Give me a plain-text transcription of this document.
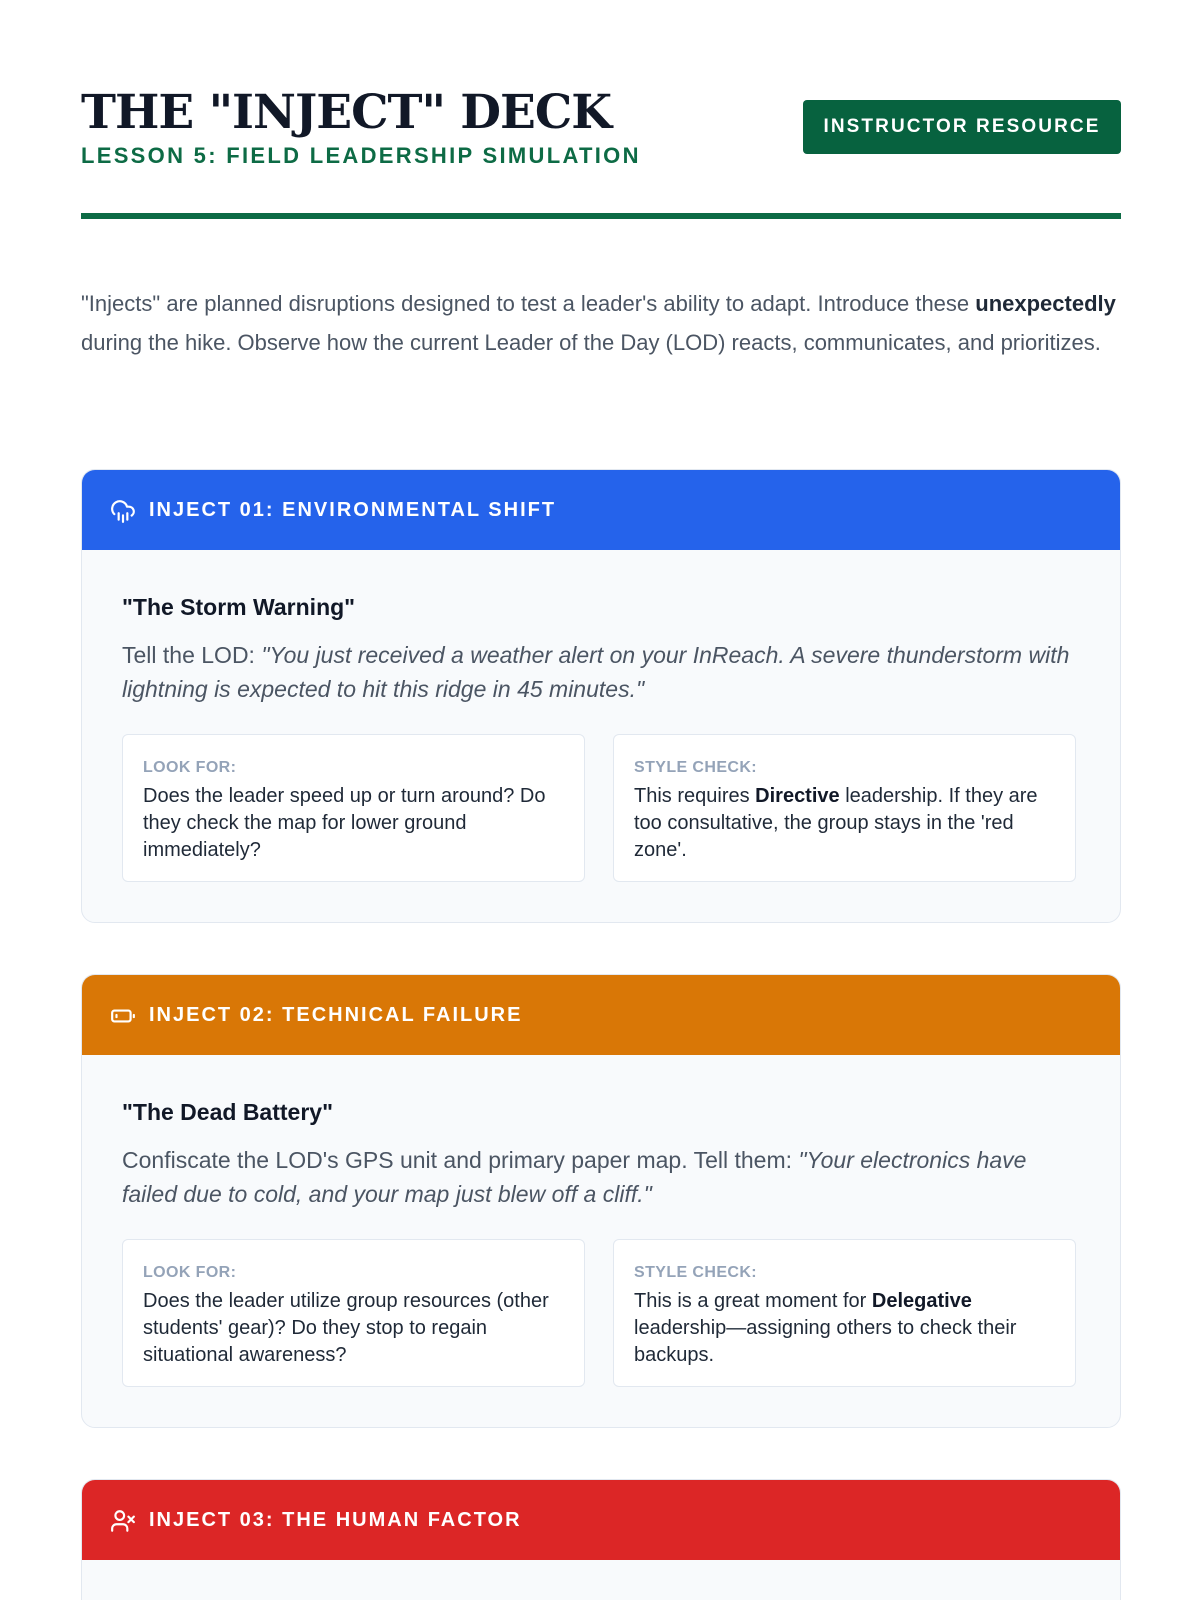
THE "INJECT" DECK
LESSON 5: FIELD LEADERSHIP SIMULATION
INSTRUCTOR RESOURCE

"Injects" are planned disruptions designed to test a leader's ability to adapt. Introduce these unexpectedly during the hike. Observe how the current Leader of the Day (LOD) reacts, communicates, and prioritizes.

INJECT 01: ENVIRONMENTAL SHIFT
"The Storm Warning"

Tell the LOD: "You just received a weather alert on your InReach. A severe thunderstorm with lightning is expected to hit this ridge in 45 minutes."

LOOK FOR:
Does the leader speed up or turn around? Do they check the map for lower ground immediately?
STYLE CHECK:
This requires Directive leadership. If they are too consultative, the group stays in the 'red zone'.
INJECT 02: TECHNICAL FAILURE
"The Dead Battery"

Confiscate the LOD's GPS unit and primary paper map. Tell them: "Your electronics have failed due to cold, and your map just blew off a cliff."

LOOK FOR:
Does the leader utilize group resources (other students' gear)? Do they stop to regain situational awareness?
STYLE CHECK:
This is a great moment for Delegative leadership—assigning others to check their backups.
INJECT 03: THE HUMAN FACTOR
